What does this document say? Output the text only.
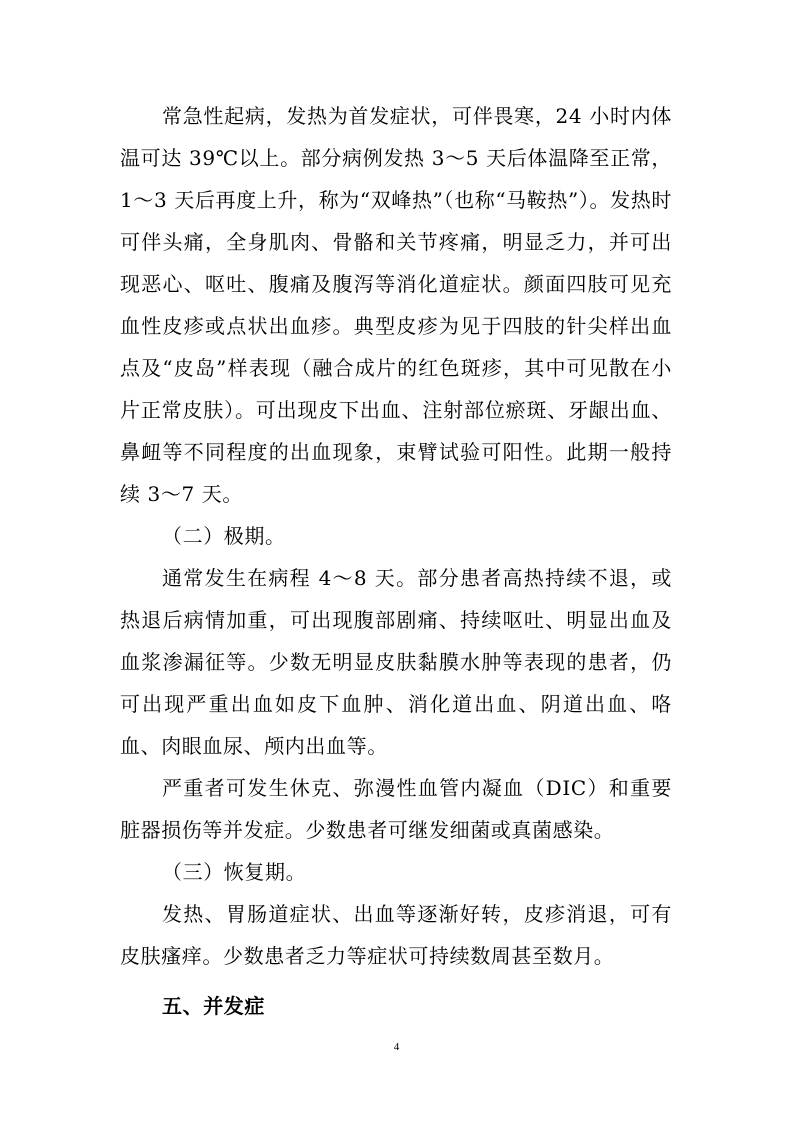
常急性起病，发热为首发症状，可伴畏寒，24 小时内体温可达 39℃以上。部分病例发热 3～5 天后体温降至正常，1～3 天后再度上升，称为“双峰热”（也称“马鞍热”）。发热时可伴头痛，全身肌肉、骨骼和关节疼痛，明显乏力，并可出现恶心、呕吐、腹痛及腹泻等消化道症状。颜面四肢可见充血性皮疹或点状出血疹。典型皮疹为见于四肢的针尖样出血点及“皮岛”样表现（融合成片的红色斑疹，其中可见散在小片正常皮肤）。可出现皮下出血、注射部位瘀斑、牙龈出血、鼻衄等不同程度的出血现象，束臂试验可阳性。此期一般持续 3～7 天。

（二）极期。

通常发生在病程 4～8 天。部分患者高热持续不退，或热退后病情加重，可出现腹部剧痛、持续呕吐、明显出血及血浆渗漏征等。少数无明显皮肤黏膜水肿等表现的患者，仍可出现严重出血如皮下血肿、消化道出血、阴道出血、咯血、肉眼血尿、颅内出血等。

严重者可发生休克、弥漫性血管内凝血（DIC）和重要脏器损伤等并发症。少数患者可继发细菌或真菌感染。

（三）恢复期。

发热、胃肠道症状、出血等逐渐好转，皮疹消退，可有皮肤瘙痒。少数患者乏力等症状可持续数周甚至数月。

五、并发症

4
